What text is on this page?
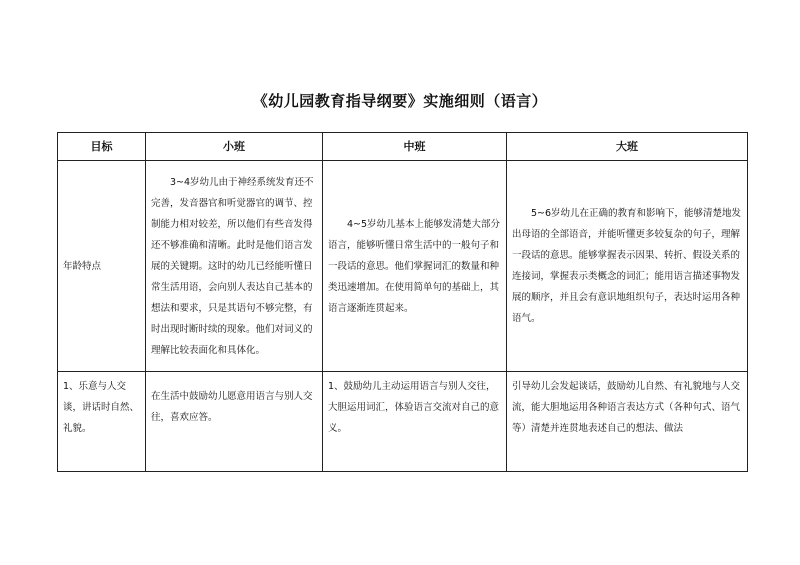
《幼儿园教育指导纲要》实施细则（语言）
目标	小班	中班	大班
年龄特点	3~4岁幼儿由于神经系统发育还不完善，发音器官和听觉器官的调节、控制能力相对较差，所以他们有些音发得还不够准确和清晰。此时是他们语言发展的关键期。这时的幼儿已经能听懂日常生活用语，会向别人表达自己基本的想法和要求，只是其语句不够完整，有时出现时断时续的现象。他们对词义的理解比较表面化和具体化。	4~5岁幼儿基本上能够发清楚大部分语言，能够听懂日常生活中的一般句子和一段话的意思。他们掌握词汇的数量和种类迅速增加。在使用简单句的基础上，其语言逐渐连贯起来。	5~6岁幼儿在正确的教育和影响下，能够清楚地发出母语的全部语音，并能听懂更多较复杂的句子，理解一段话的意思。能够掌握表示因果、转折、假设关系的连接词，掌握表示类概念的词汇；能用语言描述事物发展的顺序，并且会有意识地组织句子，表达时运用各种语气。
1、乐意与人交谈，讲话时自然、礼貌。	在生活中鼓励幼儿愿意用语言与别人交往，喜欢应答。	1、鼓励幼儿主动运用语言与别人交往，大胆运用词汇，体验语言交流对自己的意义。	引导幼儿会发起谈话，鼓励幼儿自然、有礼貌地与人交流，能大胆地运用各种语言表达方式（各种句式、语气等）清楚并连贯地表述自己的想法、做法
